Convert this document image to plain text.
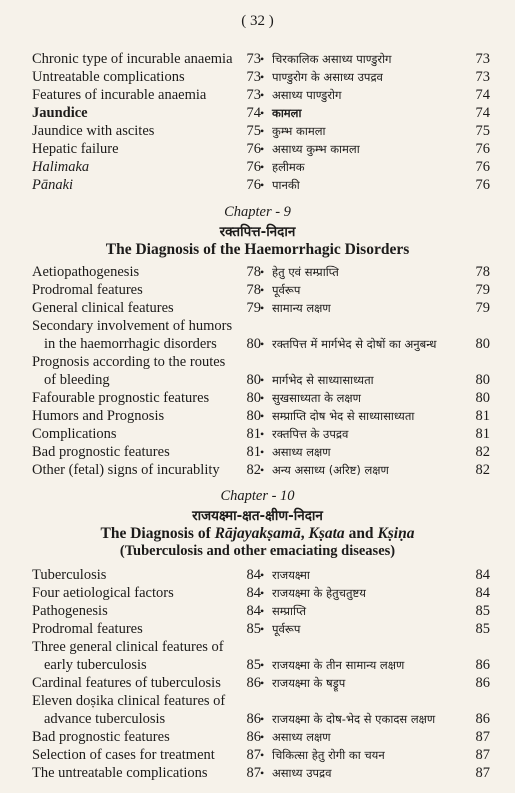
( 32 )
Chronic type of incurable anaemia 73 • चिरकालिक असाध्य पाण्डुरोग	73
Untreatable complications	73 • पाण्डुरोग के असाध्य उपद्रव	73
Features of incurable anaemia	73 • असाध्य पाण्डुरोग	74
Jaundice	74 • कामला	74
Jaundice with ascites	75 • कुम्भ कामला	75
Hepatic failure	76 • असाध्य कुम्भ कामला	76
Halimaka	76 • हलीमक	76
Pānaki	76 • पानकी	76
Chapter - 9
रक्तपित्त-निदान
The Diagnosis of the Haemorrhagic Disorders
Aetiopathogenesis	78 • हेतु एवं सम्प्राप्ति	78
Prodromal features	78 • पूर्वरूप	79
General clinical features	79 • सामान्य लक्षण	79
Secondary involvement of humors
in the haemorrhagic disorders	80 • रक्तपित्त में मार्गभेद से दोषों का अनुबन्ध	80
Prognosis according to the routes
of bleeding	80 • मार्गभेद से साध्यासाध्यता	80
Fafourable prognostic features	80 • सुखसाध्यता के लक्षण	80
Humors and Prognosis	80 • सम्प्राप्ति दोष भेद से साध्यासाध्यता	81
Complications	81 • रक्तपित्त के उपद्रव	81
Bad prognostic features	81 • असाध्य लक्षण	82
Other (fetal) signs of incurablity	82 • अन्य असाध्य (अरिष्ट) लक्षण	82
Chapter - 10
राजयक्ष्मा-क्षत-क्षीण-निदान
The Diagnosis of Rājayakṣamā, Kṣata and Kṣiṇa
(Tuberculosis and other emaciating diseases)
Tuberculosis	84 • राजयक्ष्मा	84
Four aetiological factors	84 • राजयक्ष्मा के हेतुचतुष्टय	84
Pathogenesis	84 • सम्प्राप्ति	85
Prodromal features	85 • पूर्वरूप	85
Three general clinical features of
early tuberculosis	85 • राजयक्ष्मा के तीन सामान्य लक्षण	86
Cardinal features of tuberculosis	86 • राजयक्ष्मा के षड्रूप	86
Eleven doṣika clinical features of
advance tuberculosis	86 • राजयक्ष्मा के दोष-भेद से एकादस लक्षण	86
Bad prognostic features	86 • असाध्य लक्षण	87
Selection of cases for treatment	87 • चिकित्सा हेतु रोगी का चयन	87
The untreatable complications	87 • असाध्य उपद्रव	87
